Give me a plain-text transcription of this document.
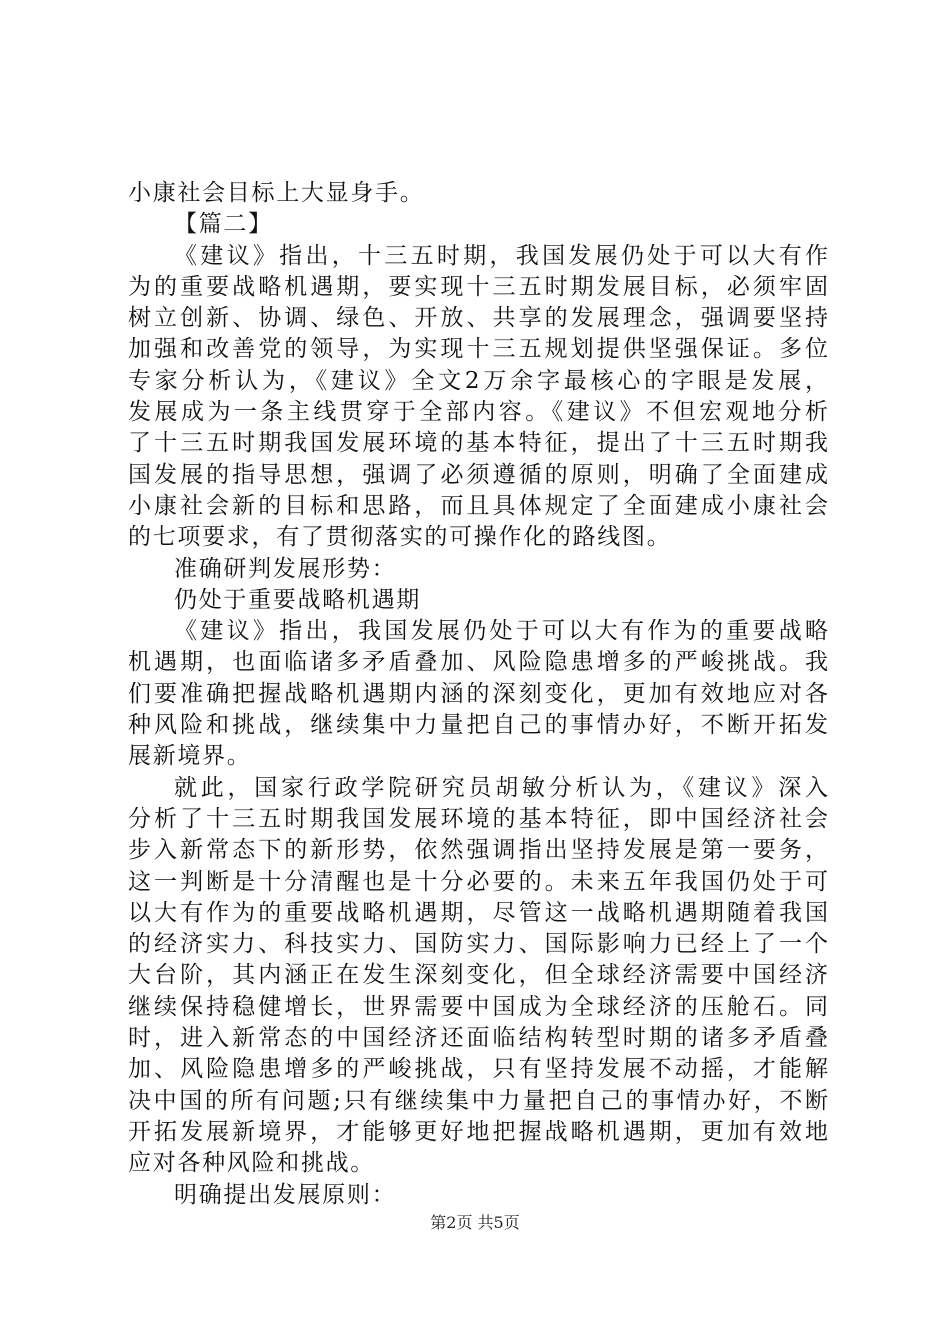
小康社会目标上大显身手。
【篇二】
《建议》指出，十三五时期，我国发展仍处于可以大有作
为的重要战略机遇期，要实现十三五时期发展目标，必须牢固
树立创新、协调、绿色、开放、共享的发展理念，强调要坚持
加强和改善党的领导，为实现十三五规划提供坚强保证。多位
专家分析认为，《建议》全文2万余字最核心的字眼是发展，
发展成为一条主线贯穿于全部内容。《建议》不但宏观地分析
了十三五时期我国发展环境的基本特征，提出了十三五时期我
国发展的指导思想，强调了必须遵循的原则，明确了全面建成
小康社会新的目标和思路，而且具体规定了全面建成小康社会
的七项要求，有了贯彻落实的可操作化的路线图。
准确研判发展形势：
仍处于重要战略机遇期
《建议》指出，我国发展仍处于可以大有作为的重要战略
机遇期，也面临诸多矛盾叠加、风险隐患增多的严峻挑战。我
们要准确把握战略机遇期内涵的深刻变化，更加有效地应对各
种风险和挑战，继续集中力量把自己的事情办好，不断开拓发
展新境界。
就此，国家行政学院研究员胡敏分析认为，《建议》深入
分析了十三五时期我国发展环境的基本特征，即中国经济社会
步入新常态下的新形势，依然强调指出坚持发展是第一要务，
这一判断是十分清醒也是十分必要的。未来五年我国仍处于可
以大有作为的重要战略机遇期，尽管这一战略机遇期随着我国
的经济实力、科技实力、国防实力、国际影响力已经上了一个
大台阶，其内涵正在发生深刻变化，但全球经济需要中国经济
继续保持稳健增长，世界需要中国成为全球经济的压舱石。同
时，进入新常态的中国经济还面临结构转型时期的诸多矛盾叠
加、风险隐患增多的严峻挑战，只有坚持发展不动摇，才能解
决中国的所有问题;只有继续集中力量把自己的事情办好，不断
开拓发展新境界，才能够更好地把握战略机遇期，更加有效地
应对各种风险和挑战。
明确提出发展原则：
第2页 共5页
